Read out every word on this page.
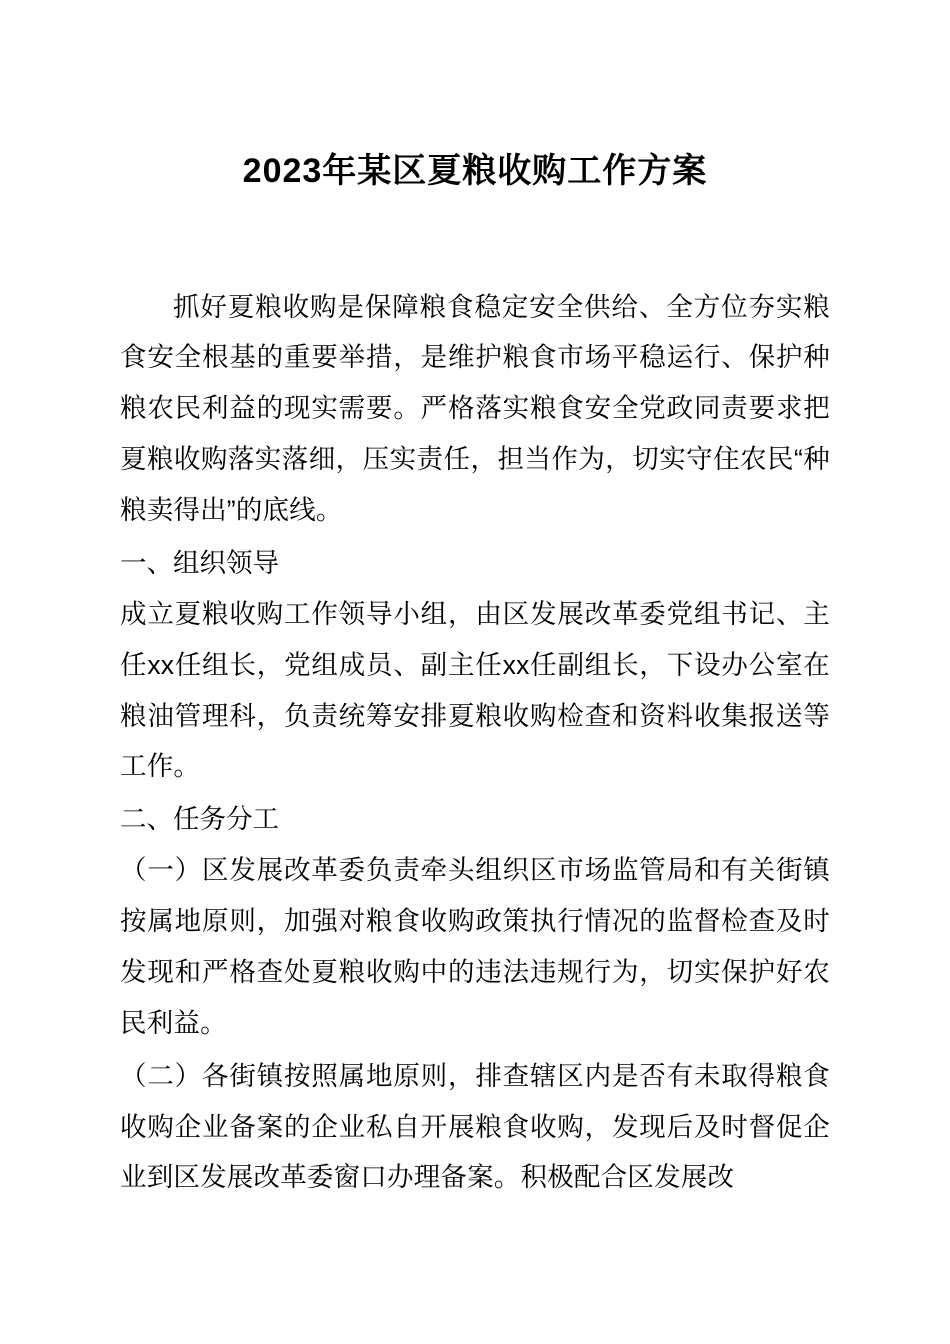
2023年某区夏粮收购工作方案

抓好夏粮收购是保障粮食稳定安全供给、全方位夯实粮食安全根基的重要举措，是维护粮食市场平稳运行、保护种粮农民利益的现实需要。严格落实粮食安全党政同责要求把夏粮收购落实落细，压实责任，担当作为，切实守住农民“种粮卖得出”的底线。

一、组织领导

成立夏粮收购工作领导小组，由区发展改革委党组书记、主任xx任组长，党组成员、副主任xx任副组长，下设办公室在粮油管理科，负责统筹安排夏粮收购检查和资料收集报送等工作。

二、任务分工

（一）区发展改革委负责牵头组织区市场监管局和有关街镇按属地原则，加强对粮食收购政策执行情况的监督检查及时发现和严格查处夏粮收购中的违法违规行为，切实保护好农民利益。

（二）各街镇按照属地原则，排查辖区内是否有未取得粮食收购企业备案的企业私自开展粮食收购，发现后及时督促企业到区发展改革委窗口办理备案。积极配合区发展改
